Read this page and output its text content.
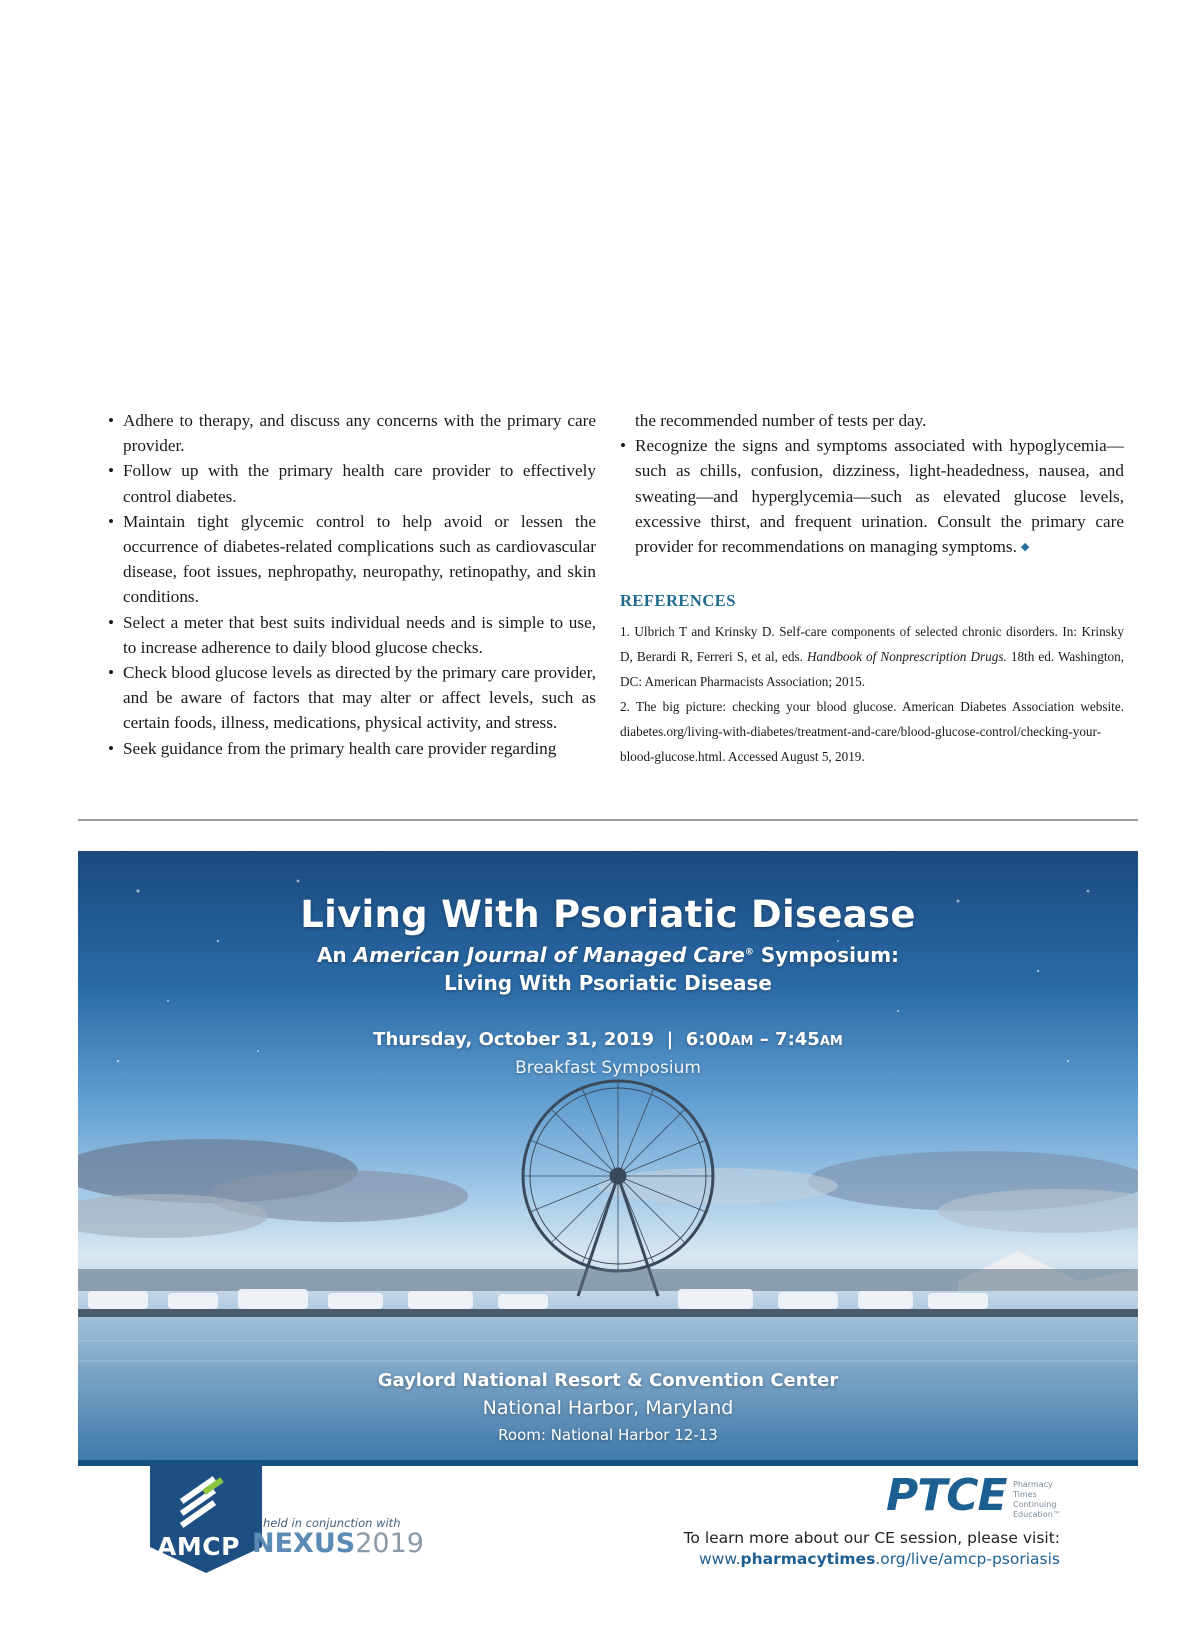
• Adhere to therapy, and discuss any concerns with the primary care provider.
• Follow up with the primary health care provider to effectively control diabetes.
• Maintain tight glycemic control to help avoid or lessen the occurrence of diabetes-related complications such as cardiovascular disease, foot issues, nephropathy, neuropathy, retinopathy, and skin conditions.
• Select a meter that best suits individual needs and is simple to use, to increase adherence to daily blood glucose checks.
• Check blood glucose levels as directed by the primary care provider, and be aware of factors that may alter or affect levels, such as certain foods, illness, medications, physical activity, and stress.
• Seek guidance from the primary health care provider regarding
the recommended number of tests per day.
• Recognize the signs and symptoms associated with hypoglycemia—such as chills, confusion, dizziness, light-headedness, nausea, and sweating—and hyperglycemia—such as elevated glucose levels, excessive thirst, and frequent urination. Consult the primary care provider for recommendations on managing symptoms. ◆
REFERENCES

1. Ulbrich T and Krinsky D. Self-care components of selected chronic disorders. In: Krinsky D, Berardi R, Ferreri S, et al, eds. Handbook of Nonprescription Drugs. 18th ed. Washington, DC: American Pharmacists Association; 2015.

2. The big picture: checking your blood glucose. American Diabetes Association website. diabetes.org/living-with-diabetes/treatment-and-care/blood-glucose-control/checking-your-blood-glucose.html. Accessed August 5, 2019.

Living With Psoriatic Disease
An American Journal of Managed Care® Symposium:
Living With Psoriatic Disease
Thursday, October 31, 2019 | 6:00AM – 7:45AM
Breakfast Symposium
Gaylord National Resort & Convention Center
National Harbor, Maryland
Room: National Harbor 12-13
AMCP
held in conjunction with
NEXUS2019
PTCE Pharmacy Times Continuing Education™
To learn more about our CE session, please visit:
www.pharmacytimes.org/live/amcp-psoriasis
